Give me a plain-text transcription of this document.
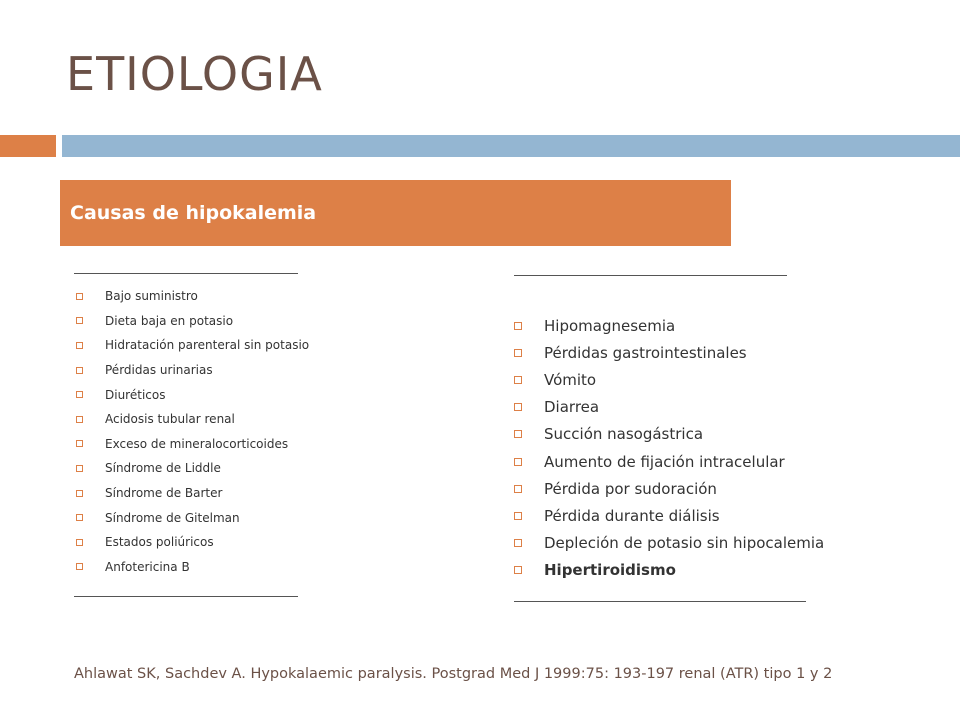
ETIOLOGIA
Causas de hipokalemia
Bajo suministro
Dieta baja en potasio
Hidratación parenteral sin potasio
Pérdidas urinarias
Diuréticos
Acidosis tubular renal
Exceso de mineralocorticoides
Síndrome de Liddle
Síndrome de Barter
Síndrome de Gitelman
Estados poliúricos
Anfotericina B
Hipomagnesemia
Pérdidas gastrointestinales
Vómito
Diarrea
Succión nasogástrica
Aumento de fijación intracelular
Pérdida por sudoración
Pérdida durante diálisis
Depleción de potasio sin hipocalemia
Hipertiroidismo
Ahlawat SK, Sachdev A. Hypokalaemic paralysis. Postgrad Med J 1999:75: 193-197 renal (ATR) tipo 1 y 2
